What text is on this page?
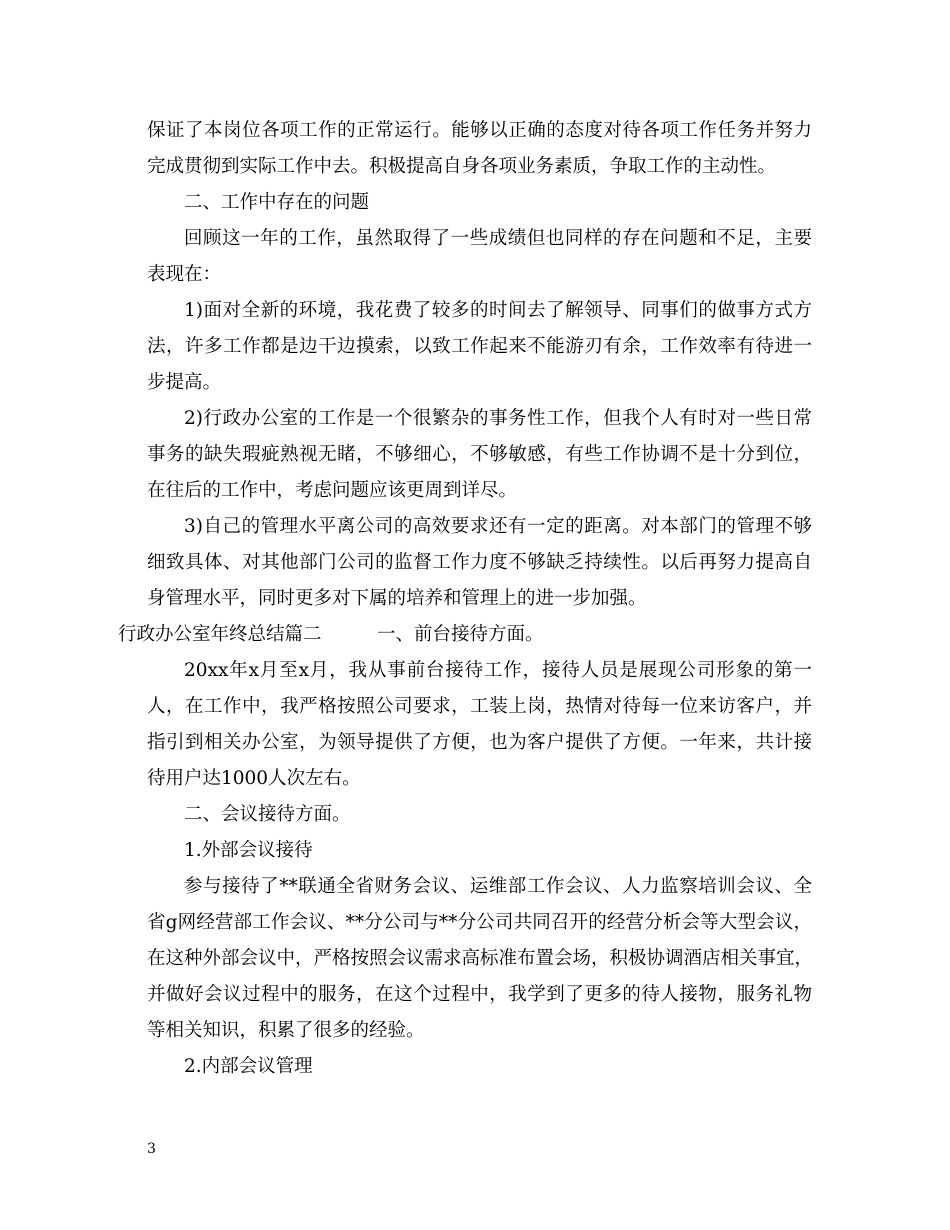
保证了本岗位各项工作的正常运行。能够以正确的态度对待各项工作任务并努力
完成贯彻到实际工作中去。积极提高自身各项业务素质，争取工作的主动性。
二、工作中存在的问题
回顾这一年的工作，虽然取得了一些成绩但也同样的存在问题和不足，主要
表现在：
1)面对全新的环境，我花费了较多的时间去了解领导、同事们的做事方式方
法，许多工作都是边干边摸索，以致工作起来不能游刃有余，工作效率有待进一
步提高。
2)行政办公室的工作是一个很繁杂的事务性工作，但我个人有时对一些日常
事务的缺失瑕疵熟视无睹，不够细心，不够敏感，有些工作协调不是十分到位，
在往后的工作中，考虑问题应该更周到详尽。
3)自己的管理水平离公司的高效要求还有一定的距离。对本部门的管理不够
细致具体、对其他部门公司的监督工作力度不够缺乏持续性。以后再努力提高自
身管理水平，同时更多对下属的培养和管理上的进一步加强。
行政办公室年终总结篇二　　　一、前台接待方面。
20xx年x月至x月，我从事前台接待工作，接待人员是展现公司形象的第一
人，在工作中，我严格按照公司要求，工装上岗，热情对待每一位来访客户，并
指引到相关办公室，为领导提供了方便，也为客户提供了方便。一年来，共计接
待用户达1000人次左右。
二、会议接待方面。
1.外部会议接待
参与接待了**联通全省财务会议、运维部工作会议、人力监察培训会议、全
省g网经营部工作会议、**分公司与**分公司共同召开的经营分析会等大型会议，
在这种外部会议中，严格按照会议需求高标准布置会场，积极协调酒店相关事宜，
并做好会议过程中的服务，在这个过程中，我学到了更多的待人接物，服务礼物
等相关知识，积累了很多的经验。
2.内部会议管理
3
